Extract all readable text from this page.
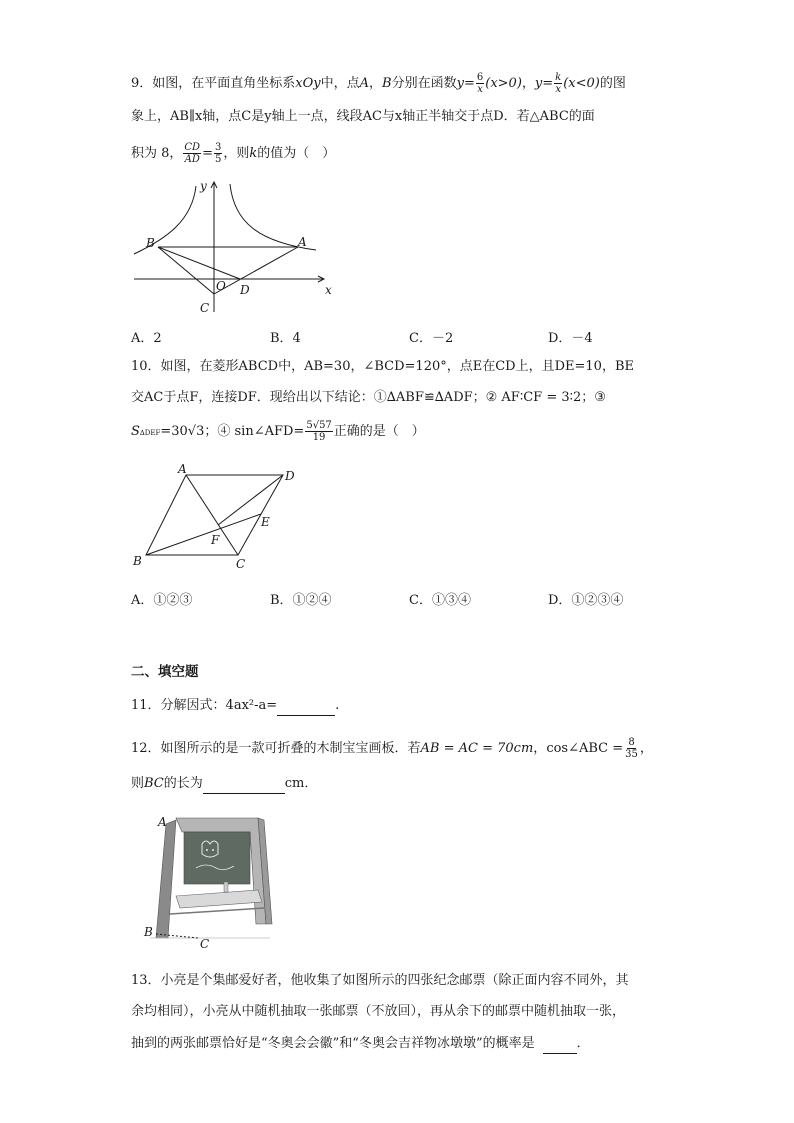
9．如图，在平面直角坐标系xOy中，点A，B分别在函数$y= \frac{6}{x} (x>0)$，$y= \frac{k}{x} (x<0)$的图
象上，AB∥x轴，点C是y轴上一点，线段AC与x轴正半轴交于点D．若△ABC的面
积为 8， $\frac{CD}{AD} = \frac{3}{5}$ ，则k的值为（　）
y
x
B	A
O D
C
A．2	B．4	C．－2	D．－4
10．如图，在菱形ABCD中，AB=30，∠BCD=120°，点E在CD上，且DE=10，BE
交AC于点F，连接DF．现给出以下结论：①∆ABF≌∆ADF；② AF∶CF = 3∶2；③
S∆DEF=30√3；④ sin∠AFD= $\frac{5√57}{19}$ 正确的是（　）
A	D
E
F
B	C
A．①②③	B．①②④	C．①③④	D．①②③④
二、填空题
11．分解因式：4ax²-a=	.
12．如图所示的是一款可折叠的木制宝宝画板．若AB = AC = 70cm，cos∠ABC = $\frac{8}{35}$ ，
则BC的长为	cm．
A
B
C
13．小亮是个集邮爱好者，他收集了如图所示的四张纪念邮票（除正面内容不同外，其
余均相同），小亮从中随机抽取一张邮票（不放回），再从余下的邮票中随机抽取一张，
抽到的两张邮票恰好是“冬奥会会徽”和“冬奥会吉祥物冰墩墩”的概率是	．
